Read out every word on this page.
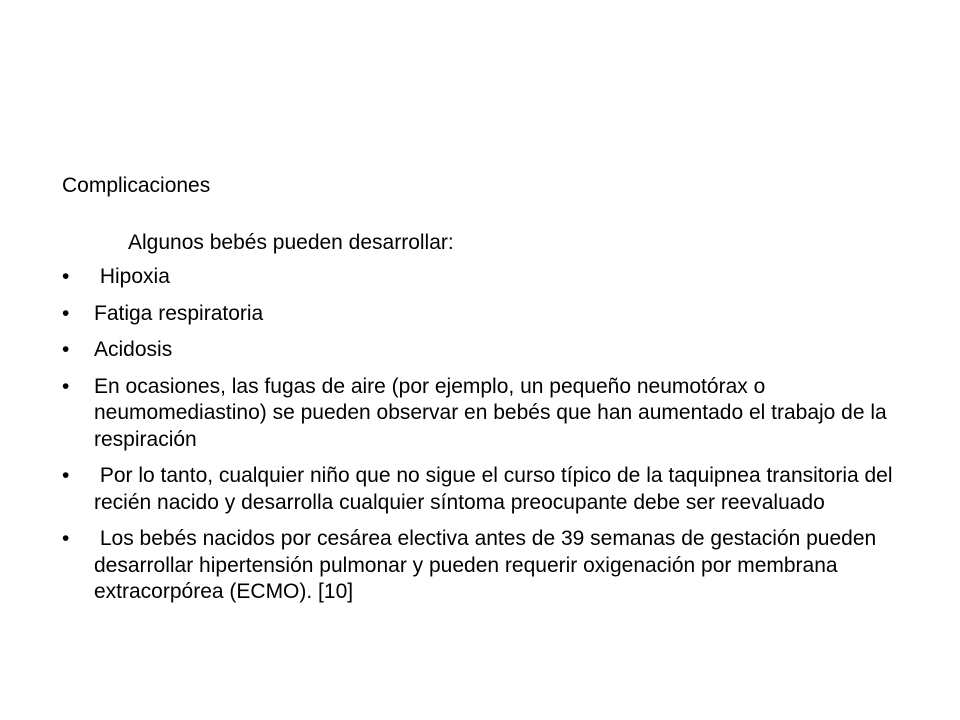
Complicaciones
Algunos bebés pueden desarrollar:
•	Hipoxia
•	Fatiga respiratoria
•	Acidosis
•	En ocasiones, las fugas de aire (por ejemplo, un pequeño neumotórax o neumomediastino) se pueden observar en bebés que han aumentado el trabajo de la respiración
•	Por lo tanto, cualquier niño que no sigue el curso típico de la taquipnea transitoria del recién nacido y desarrolla cualquier síntoma preocupante debe ser reevaluado
•	Los bebés nacidos por cesárea electiva antes de 39 semanas de gestación pueden desarrollar hipertensión pulmonar y pueden requerir oxigenación por membrana extracorpórea (ECMO). [10]
